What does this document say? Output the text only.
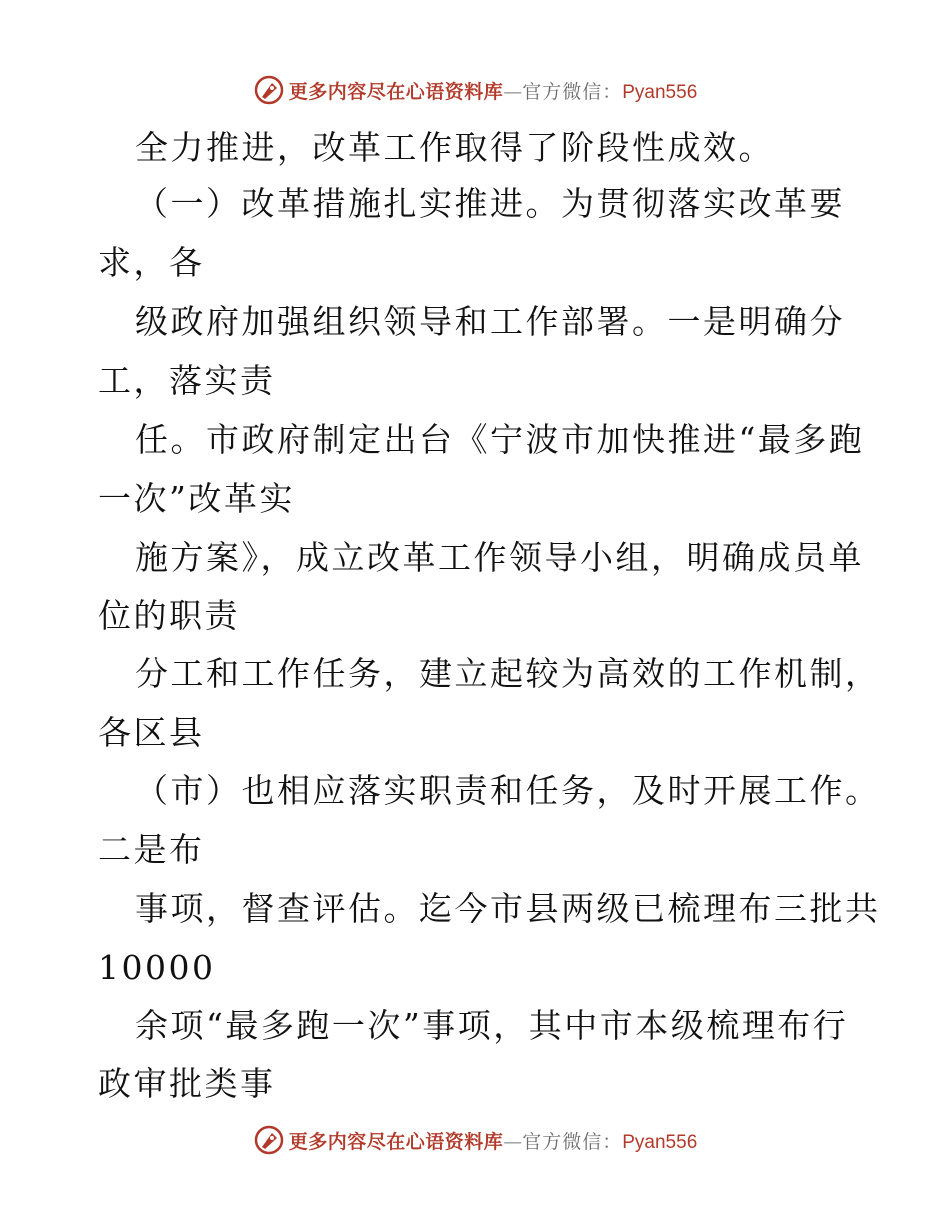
更多内容尽在心语资料库—官方微信：Pyan556
全力推进，改革工作取得了阶段性成效。
（一）改革措施扎实推进。为贯彻落实改革要
求，各
级政府加强组织领导和工作部署。一是明确分
工，落实责
任。市政府制定出台《宁波市加快推进“最多跑
一次”改革实
施方案》，成立改革工作领导小组，明确成员单
位的职责
分工和工作任务，建立起较为高效的工作机制，
各区县
（市）也相应落实职责和任务，及时开展工作。
二是布
事项，督查评估。迄今市县两级已梳理布三批共
10000
余项“最多跑一次”事项，其中市本级梳理布行
政审批类事
更多内容尽在心语资料库—官方微信：Pyan556
